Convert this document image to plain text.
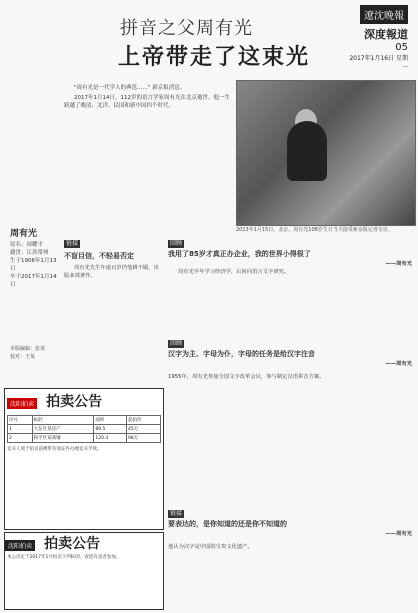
遼沈晚報
深度報道
05
2017年1月16日 星期一
拼音之父周有光
上帝带走了这束光

"周有光是一代学人的典范……" 新京报消息。

2017年1月14日，112岁的语言学家周有光在北京逝世。他一生跨越了晚清、北洋、民国和新中国四个时代。

2013年1月15日，北京，周有光108岁生日当天接受新京报记者专访。
周有光
原名：周耀平
籍贯：江苏常州
生于1906年1月13日
卒于2017年1月14日
本版编辑：张某
校对：王某
链接
不盲目信，不轻易否定

周有光先生年逾百岁仍笔耕不辍，出版多部著作。

回顾
我用了85岁才真正办企业，我的世界小得很了
——周有光

周有光早年学习经济学，后转向语言文字研究。

回顾
汉字为主、字母为仆，字母的任务是给汉字注音
——周有光

1955年，周有光参加全国文字改革会议，参与制定汉语拼音方案。

链接
要表达的，是你知道的还是你不知道的
——周有光

他认为汉字是中国的宝贵文化遗产。

沈阳拍卖 拍卖公告
序号	标的	面积	起拍价
1	大东区某房产	89.5	45万
2	和平区某商铺	120.3	98万
竞买人须于拍卖前携带有效证件办理竞买手续。
沈阳拍卖 拍卖公告
本公司定于2017年1月拍卖下列标的，欢迎有意者参加。
